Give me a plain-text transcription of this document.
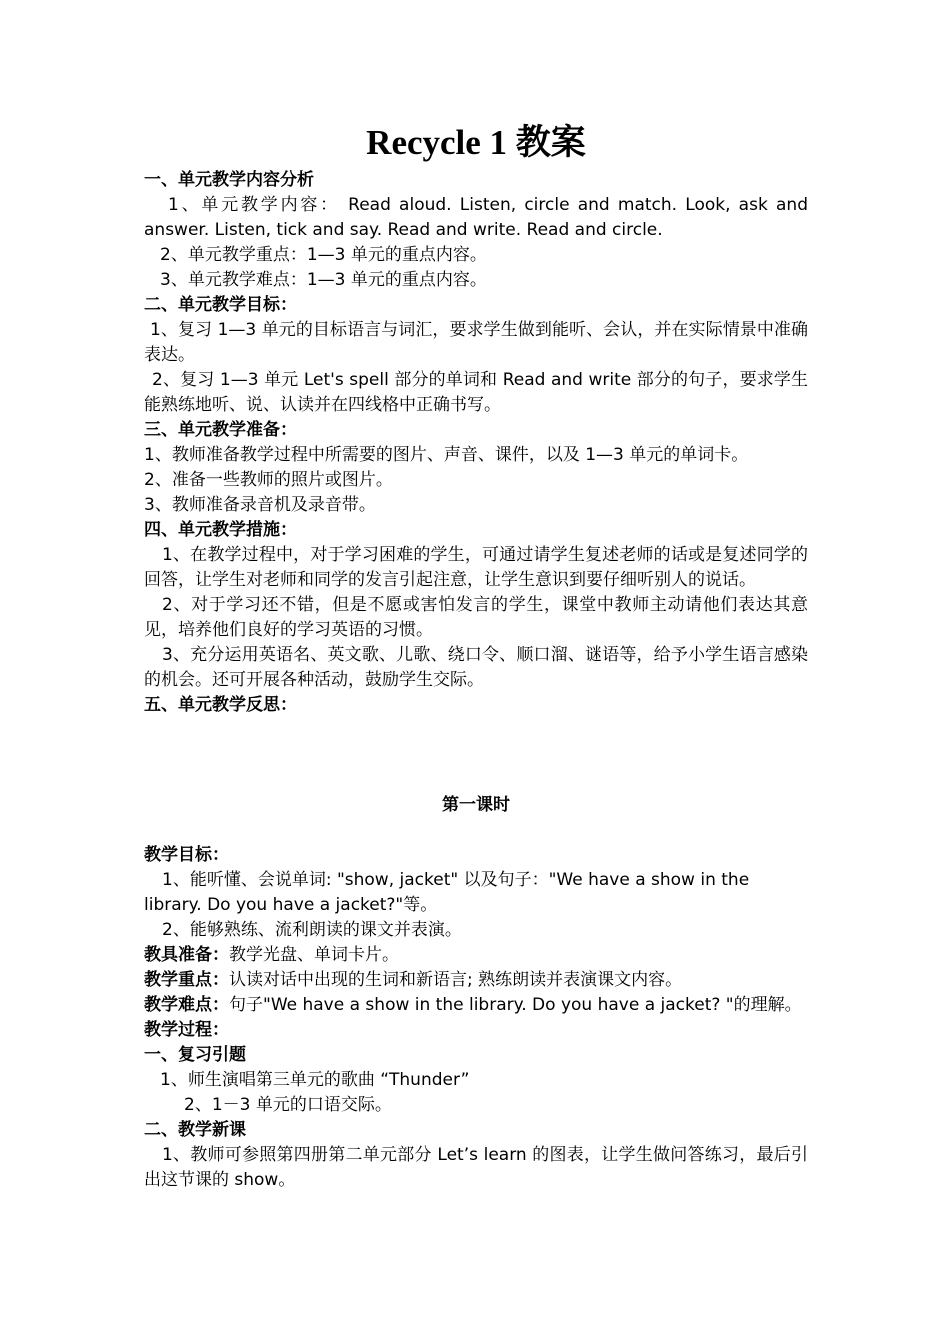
Recycle 1 教案
一、单元教学内容分析
1、单元教学内容： Read aloud. Listen, circle and match. Look, ask and answer. Listen, tick and say. Read and write. Read and circle.
2、单元教学重点：1—3 单元的重点内容。
3、单元教学难点：1—3 单元的重点内容。
二、单元教学目标：
1、复习 1—3 单元的目标语言与词汇，要求学生做到能听、会认，并在实际情景中准确表达。
2、复习 1—3 单元 Let's spell 部分的单词和 Read and write 部分的句子，要求学生能熟练地听、说、认读并在四线格中正确书写。
三、单元教学准备：
1、教师准备教学过程中所需要的图片、声音、课件，以及 1—3 单元的单词卡。
2、准备一些教师的照片或图片。
3、教师准备录音机及录音带。
四、单元教学措施：
1、在教学过程中，对于学习困难的学生，可通过请学生复述老师的话或是复述同学的回答，让学生对老师和同学的发言引起注意，让学生意识到要仔细听别人的说话。
2、对于学习还不错，但是不愿或害怕发言的学生，课堂中教师主动请他们表达其意见，培养他们良好的学习英语的习惯。
3、充分运用英语名、英文歌、儿歌、绕口令、顺口溜、谜语等，给予小学生语言感染的机会。还可开展各种活动，鼓励学生交际。
五、单元教学反思：
第一课时
教学目标：
1、能听懂、会说单词: "show, jacket" 以及句子："We have a show in the library. Do you have a jacket?"等。
2、能够熟练、流利朗读的课文并表演。
教具准备：教学光盘、单词卡片。
教学重点：认读对话中出现的生词和新语言; 熟练朗读并表演课文内容。
教学难点：句子"We have a show in the library. Do you have a jacket? "的理解。
教学过程：
一、复习引题
1、师生演唱第三单元的歌曲 “Thunder”
2、1－3 单元的口语交际。
二、教学新课
1、教师可参照第四册第二单元部分 Let’s learn 的图表，让学生做问答练习，最后引出这节课的 show。
